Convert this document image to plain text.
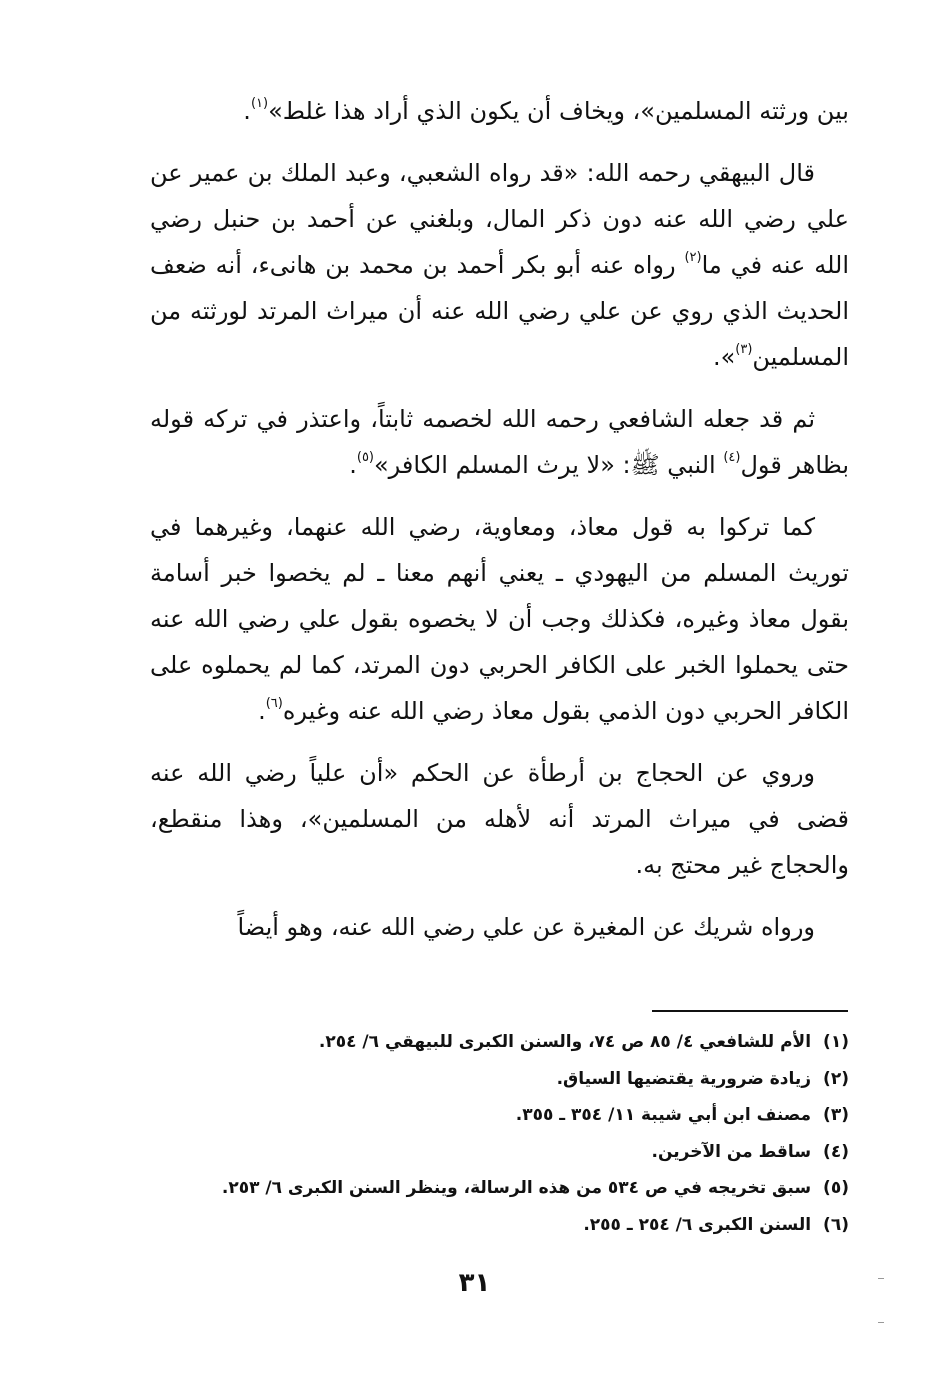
بين ورثته المسلمين»، ويخاف أن يكون الذي أراد هذا غلط»$^{(١)}$.

قال البيهقي رحمه الله: «قد رواه الشعبي، وعبد الملك بن عمير عن علي رضي الله عنه دون ذكر المال، وبلغني عن أحمد بن حنبل رضي الله عنه في ما$^{(٢)}$ رواه عنه أبو بكر أحمد بن محمد بن هانىء، أنه ضعف الحديث الذي روي عن علي رضي الله عنه أن ميراث المرتد لورثته من المسلمين$^{(٣)}$».

ثم قد جعله الشافعي رحمه الله لخصمه ثابتاً، واعتذر في تركه قوله بظاهر قول$^{(٤)}$ النبي ﷺ: «لا يرث المسلم الكافر»$^{(٥)}$.

كما تركوا به قول معاذ، ومعاوية، رضي الله عنهما، وغيرهما في توريث المسلم من اليهودي ـ يعني أنهم معنا ـ لم يخصوا خبر أسامة بقول معاذ وغيره، فكذلك وجب أن لا يخصوه بقول علي رضي الله عنه حتى يحملوا الخبر على الكافر الحربي دون المرتد، كما لم يحملوه على الكافر الحربي دون الذمي بقول معاذ رضي الله عنه وغيره$^{(٦)}$.

وروي عن الحجاج بن أرطأة عن الحكم «أن علياً رضي الله عنه قضى في ميراث المرتد أنه لأهله من المسلمين»، وهذا منقطع، والحجاج غير محتج به.

ورواه شريك عن المغيرة عن علي رضي الله عنه، وهو أيضاً

(١)الأم للشافعي ٤/ ٨٥ ص ٧٤، والسنن الكبرى للبيهقي ٦/ ٢٥٤.
(٢)زيادة ضرورية يقتضيها السياق.
(٣)مصنف ابن أبي شيبة ١١/ ٣٥٤ ـ ٣٥٥.
(٤)ساقط من الآخرين.
(٥)سبق تخريجه في ص ٥٣٤ من هذه الرسالة، وينظر السنن الكبرى ٦/ ٢٥٣.
(٦)السنن الكبرى ٦/ ٢٥٤ ـ ٢٥٥.
٣١
